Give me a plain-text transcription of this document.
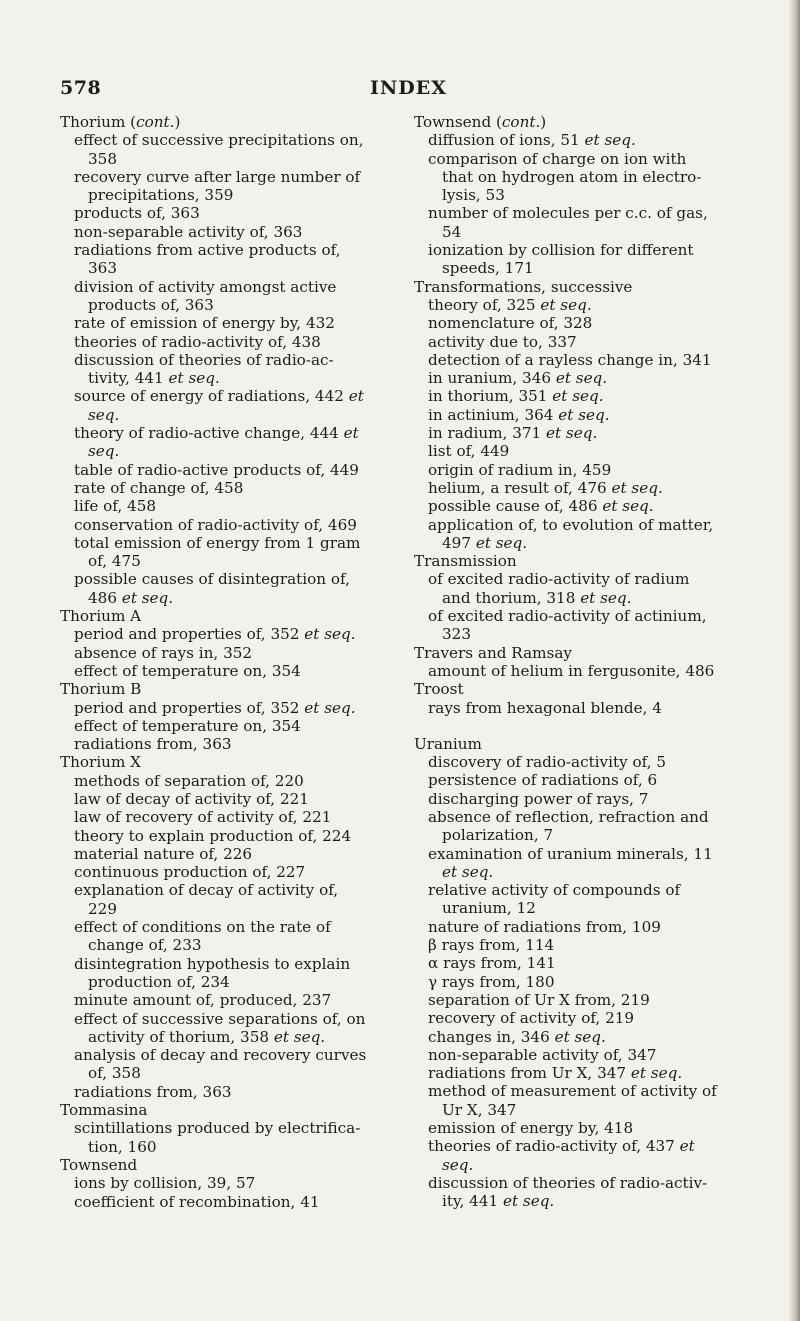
578	INDEX
Thorium (cont.)
effect of successive precipitations on,
358
recovery curve after large number of
precipitations, 359
products of, 363
non-separable activity of, 363
radiations from active products of,
363
division of activity amongst active
products of, 363
rate of emission of energy by, 432
theories of radio-activity of, 438
discussion of theories of radio-ac-
tivity, 441 et seq.
source of energy of radiations, 442 et
seq.
theory of radio-active change, 444 et
seq.
table of radio-active products of, 449
rate of change of, 458
life of, 458
conservation of radio-activity of, 469
total emission of energy from 1 gram
of, 475
possible causes of disintegration of,
486 et seq.
Thorium A
period and properties of, 352 et seq.
absence of rays in, 352
effect of temperature on, 354
Thorium B
period and properties of, 352 et seq.
effect of temperature on, 354
radiations from, 363
Thorium X
methods of separation of, 220
law of decay of activity of, 221
law of recovery of activity of, 221
theory to explain production of, 224
material nature of, 226
continuous production of, 227
explanation of decay of activity of,
229
effect of conditions on the rate of
change of, 233
disintegration hypothesis to explain
production of, 234
minute amount of, produced, 237
effect of successive separations of, on
activity of thorium, 358 et seq.
analysis of decay and recovery curves
of, 358
radiations from, 363
Tommasina
scintillations produced by electrifica-
tion, 160
Townsend
ions by collision, 39, 57
coefficient of recombination, 41
Townsend (cont.)
diffusion of ions, 51 et seq.
comparison of charge on ion with
that on hydrogen atom in electro-
lysis, 53
number of molecules per c.c. of gas,
54
ionization by collision for different
speeds, 171
Transformations, successive
theory of, 325 et seq.
nomenclature of, 328
activity due to, 337
detection of a rayless change in, 341
in uranium, 346 et seq.
in thorium, 351 et seq.
in actinium, 364 et seq.
in radium, 371 et seq.
list of, 449
origin of radium in, 459
helium, a result of, 476 et seq.
possible cause of, 486 et seq.
application of, to evolution of matter,
497 et seq.
Transmission
of excited radio-activity of radium
and thorium, 318 et seq.
of excited radio-activity of actinium,
323
Travers and Ramsay
amount of helium in fergusonite, 486
Troost
rays from hexagonal blende, 4
Uranium
discovery of radio-activity of, 5
persistence of radiations of, 6
discharging power of rays, 7
absence of reflection, refraction and
polarization, 7
examination of uranium minerals, 11
et seq.
relative activity of compounds of
uranium, 12
nature of radiations from, 109
β rays from, 114
α rays from, 141
γ rays from, 180
separation of Ur X from, 219
recovery of activity of, 219
changes in, 346 et seq.
non-separable activity of, 347
radiations from Ur X, 347 et seq.
method of measurement of activity of
Ur X, 347
emission of energy by, 418
theories of radio-activity of, 437 et
seq.
discussion of theories of radio-activ-
ity, 441 et seq.
